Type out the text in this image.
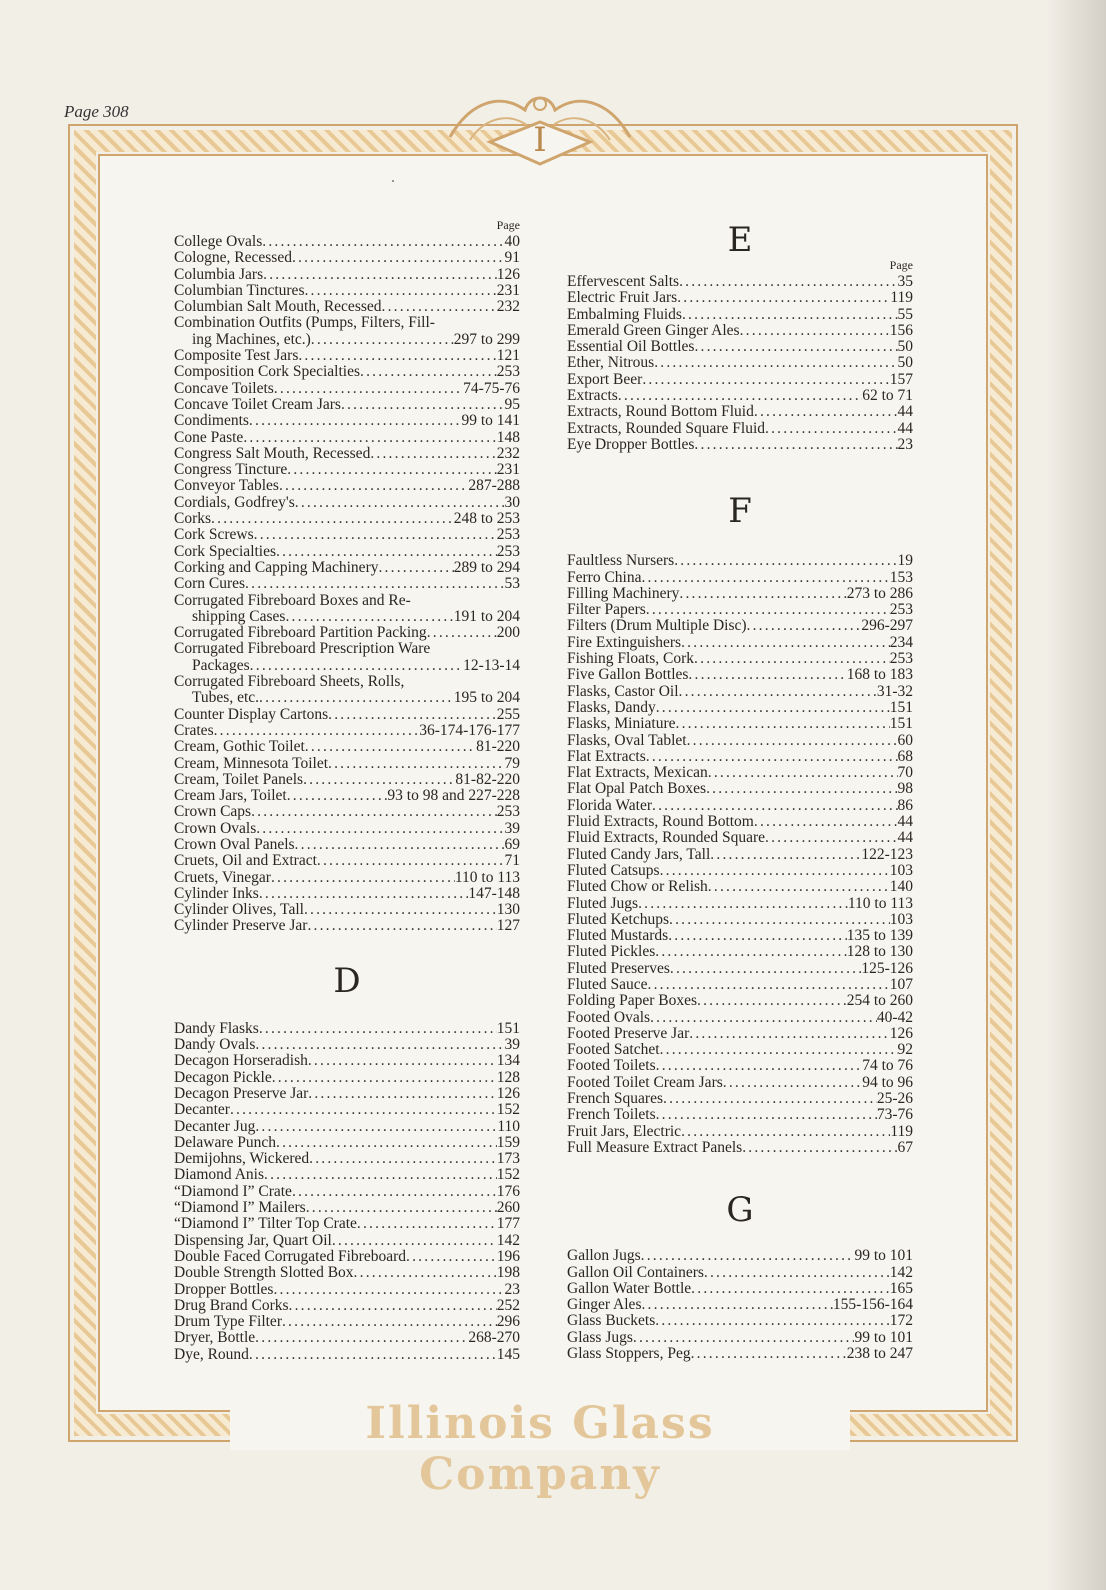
Page 308
I
Illinois Glass Company
Page
College Ovals .....	40
Cologne, Recessed .....	91
Columbia Jars .....	126
Columbian Tinctures .....	231
Columbian Salt Mouth, Recessed .....	232
Combination Outfits (Pumps, Filters, Fill-
ing Machines, etc.) .....	297 to 299
Composite Test Jars .....	121
Composition Cork Specialties .....	253
Concave Toilets .....	74-75-76
Concave Toilet Cream Jars .....	95
Condiments .....	99 to 141
Cone Paste .....	148
Congress Salt Mouth, Recessed .....	232
Congress Tincture .....	231
Conveyor Tables .....	287-288
Cordials, Godfrey's .....	30
Corks .....	248 to 253
Cork Screws .....	253
Cork Specialties .....	253
Corking and Capping Machinery .....	289 to 294
Corn Cures .....	53
Corrugated Fibreboard Boxes and Re-
shipping Cases .....	191 to 204
Corrugated Fibreboard Partition Packing .....	200
Corrugated Fibreboard Prescription Ware
Packages .....	12-13-14
Corrugated Fibreboard Sheets, Rolls,
Tubes, etc. .....	195 to 204
Counter Display Cartons .....	255
Crates .....	36-174-176-177
Cream, Gothic Toilet .....	81-220
Cream, Minnesota Toilet .....	79
Cream, Toilet Panels .....	81-82-220
Cream Jars, Toilet .....	93 to 98 and 227-228
Crown Caps .....	253
Crown Ovals .....	39
Crown Oval Panels .....	69
Cruets, Oil and Extract .....	71
Cruets, Vinegar .....	110 to 113
Cylinder Inks .....	147-148
Cylinder Olives, Tall .....	130
Cylinder Preserve Jar .....	127
D
Dandy Flasks .....	151
Dandy Ovals .....	39
Decagon Horseradish .....	134
Decagon Pickle .....	128
Decagon Preserve Jar .....	126
Decanter .....	152
Decanter Jug .....	110
Delaware Punch .....	159
Demijohns, Wickered .....	173
Diamond Anis .....	152
“Diamond I” Crate .....	176
“Diamond I” Mailers .....	260
“Diamond I” Tilter Top Crate .....	177
Dispensing Jar, Quart Oil .....	142
Double Faced Corrugated Fibreboard .....	196
Double Strength Slotted Box .....	198
Dropper Bottles .....	23
Drug Brand Corks .....	252
Drum Type Filter .....	296
Dryer, Bottle .....	268-270
Dye, Round .....	145
E
Page
Effervescent Salts .....	35
Electric Fruit Jars .....	119
Embalming Fluids .....	55
Emerald Green Ginger Ales .....	156
Essential Oil Bottles .....	50
Ether, Nitrous .....	50
Export Beer .....	157
Extracts .....	62 to 71
Extracts, Round Bottom Fluid .....	44
Extracts, Rounded Square Fluid .....	44
Eye Dropper Bottles .....	23
F
Faultless Nursers .....	19
Ferro China .....	153
Filling Machinery .....	273 to 286
Filter Papers .....	253
Filters (Drum Multiple Disc) .....	296-297
Fire Extinguishers .....	234
Fishing Floats, Cork .....	253
Five Gallon Bottles .....	168 to 183
Flasks, Castor Oil .....	31-32
Flasks, Dandy .....	151
Flasks, Miniature .....	151
Flasks, Oval Tablet .....	60
Flat Extracts .....	68
Flat Extracts, Mexican .....	70
Flat Opal Patch Boxes .....	98
Florida Water .....	86
Fluid Extracts, Round Bottom .....	44
Fluid Extracts, Rounded Square .....	44
Fluted Candy Jars, Tall .....	122-123
Fluted Catsups .....	103
Fluted Chow or Relish .....	140
Fluted Jugs .....	110 to 113
Fluted Ketchups .....	103
Fluted Mustards .....	135 to 139
Fluted Pickles .....	128 to 130
Fluted Preserves .....	125-126
Fluted Sauce .....	107
Folding Paper Boxes .....	254 to 260
Footed Ovals .....	40-42
Footed Preserve Jar .....	126
Footed Satchet .....	92
Footed Toilets .....	74 to 76
Footed Toilet Cream Jars .....	94 to 96
French Squares .....	25-26
French Toilets .....	73-76
Fruit Jars, Electric .....	119
Full Measure Extract Panels .....	67
G
Gallon Jugs .....	99 to 101
Gallon Oil Containers .....	142
Gallon Water Bottle .....	165
Ginger Ales .....	155-156-164
Glass Buckets .....	172
Glass Jugs .....	99 to 101
Glass Stoppers, Peg .....	238 to 247
